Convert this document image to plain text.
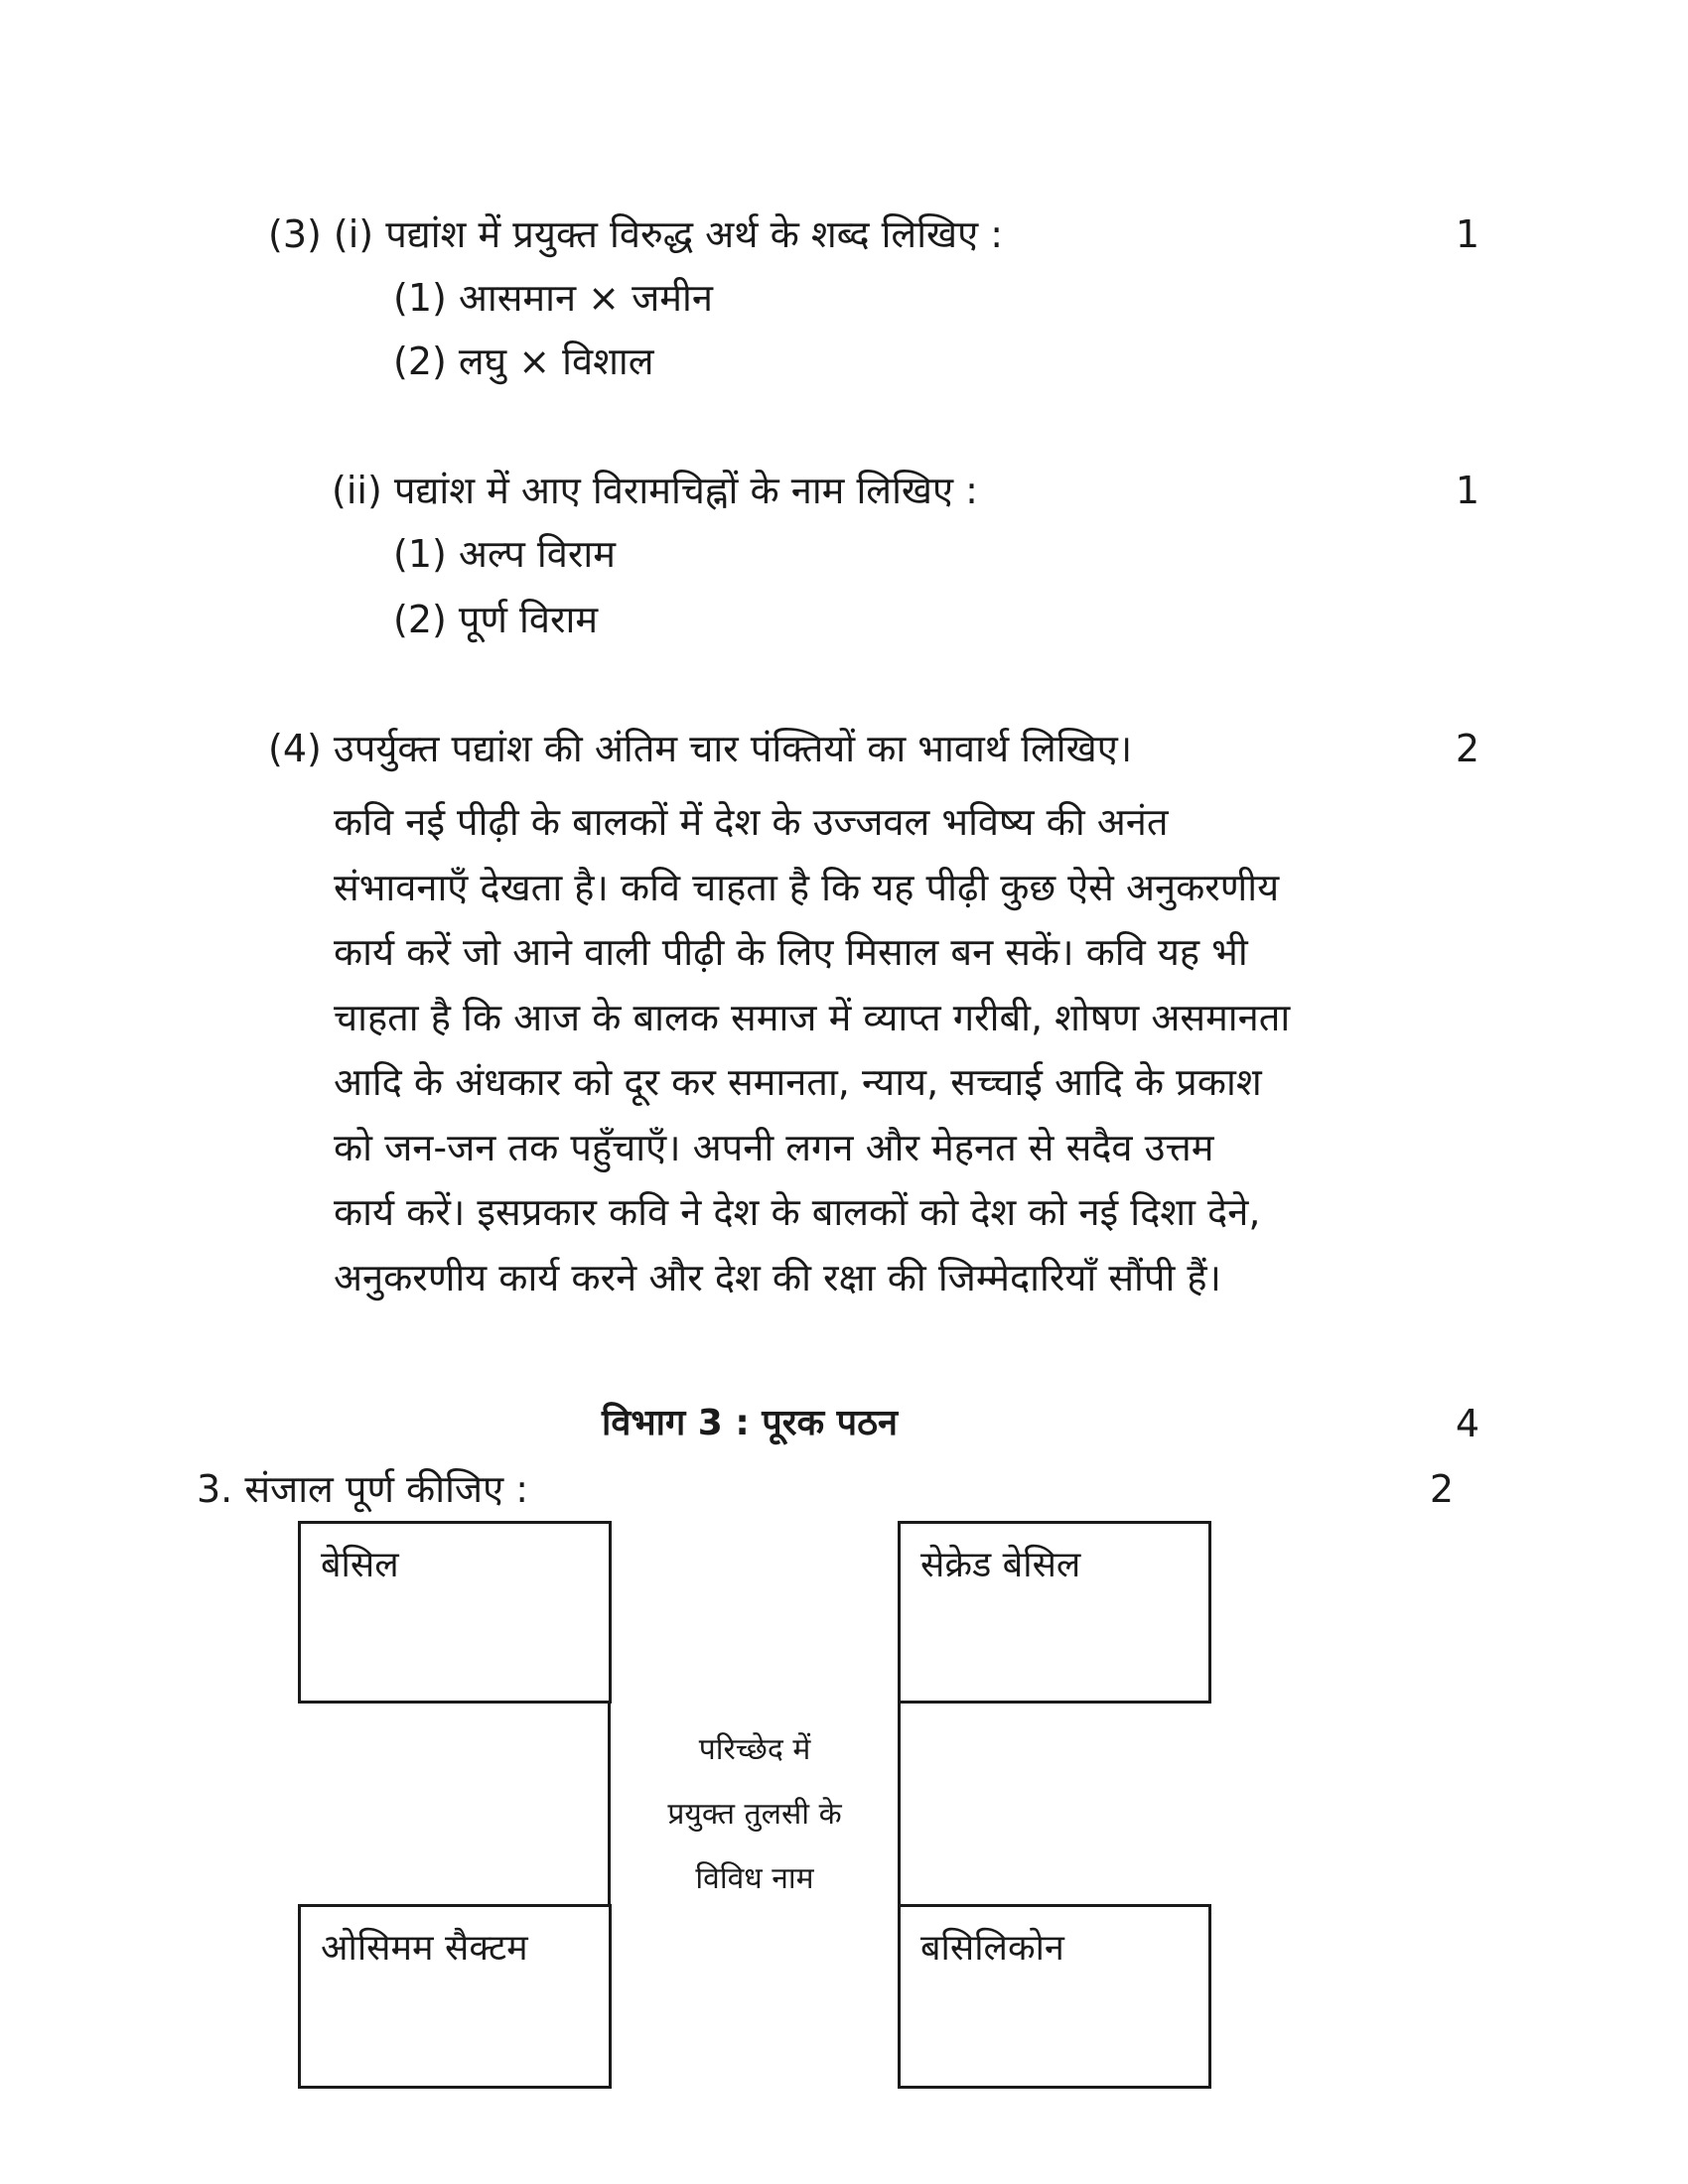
(3) (i) पद्यांश में प्रयुक्त विरुद्ध अर्थ के शब्द लिखिए :	1
(1) आसमान × जमीन
(2) लघु × विशाल
(ii) पद्यांश में आए विरामचिह्नों के नाम लिखिए :	1
(1) अल्प विराम
(2) पूर्ण विराम
(4) उपर्युक्त पद्यांश की अंतिम चार पंक्तियों का भावार्थ लिखिए।	2
कवि नई पीढ़ी के बालकों में देश के उज्जवल भविष्य की अनंत
संभावनाएँ देखता है। कवि चाहता है कि यह पीढ़ी कुछ ऐसे अनुकरणीय
कार्य करें जो आने वाली पीढ़ी के लिए मिसाल बन सकें। कवि यह भी
चाहता है कि आज के बालक समाज में व्याप्त गरीबी, शोषण असमानता
आदि के अंधकार को दूर कर समानता, न्याय, सच्चाई आदि के प्रकाश
को जन-जन तक पहुँचाएँ। अपनी लगन और मेहनत से सदैव उत्तम
कार्य करें। इसप्रकार कवि ने देश के बालकों को देश को नई दिशा देने,
अनुकरणीय कार्य करने और देश की रक्षा की जिम्मेदारियाँ सौंपी हैं।
विभाग 3 : पूरक पठन	4
3. संजाल पूर्ण कीजिए :	2
बेसिल	सेक्रेड बेसिल
परिच्छेद में
प्रयुक्त तुलसी के
विविध नाम
ओसिमम सैक्टम	बसिलिकोन
